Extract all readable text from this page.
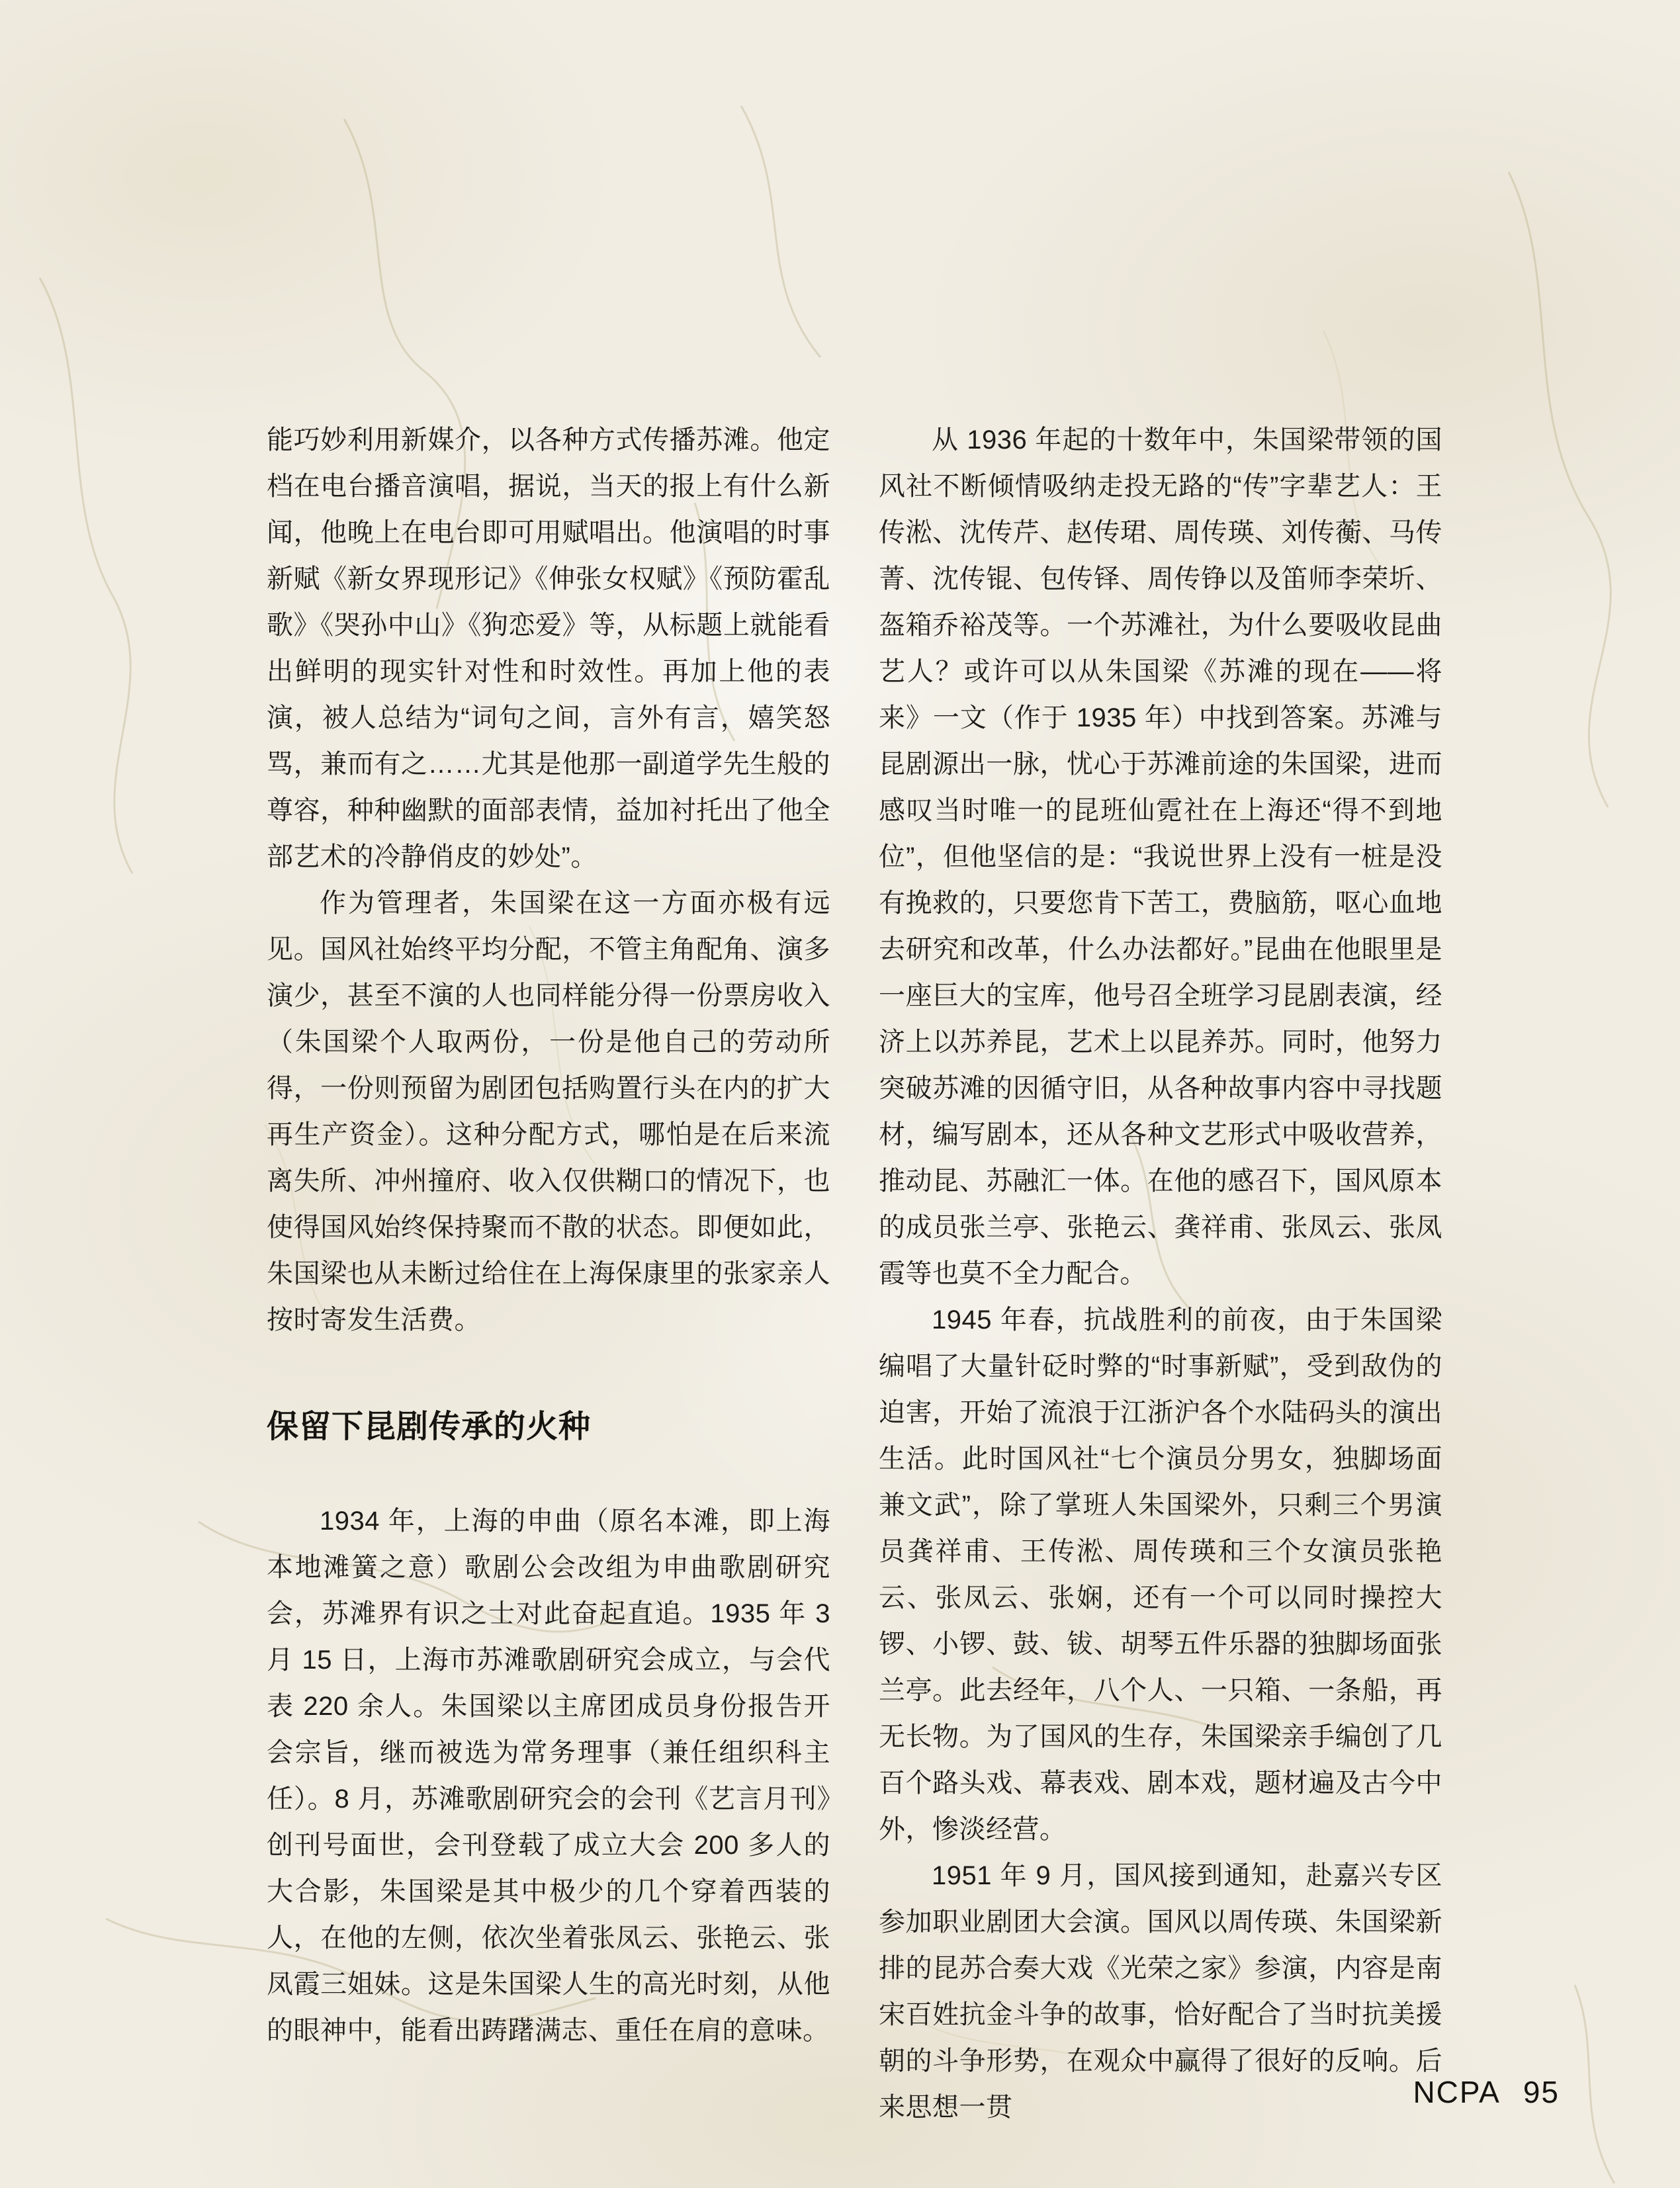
能巧妙利用新媒介，以各种方式传播苏滩。他定档在电台播音演唱，据说，当天的报上有什么新闻，他晚上在电台即可用赋唱出。他演唱的时事新赋《新女界现形记》《伸张女权赋》《预防霍乱歌》《哭孙中山》《狗恋爱》等，从标题上就能看出鲜明的现实针对性和时效性。再加上他的表演，被人总结为“词句之间，言外有言，嬉笑怒骂，兼而有之……尤其是他那一副道学先生般的尊容，种种幽默的面部表情，益加衬托出了他全部艺术的冷静俏皮的妙处”。

作为管理者，朱国梁在这一方面亦极有远见。国风社始终平均分配，不管主角配角、演多演少，甚至不演的人也同样能分得一份票房收入（朱国梁个人取两份，一份是他自己的劳动所得，一份则预留为剧团包括购置行头在内的扩大再生产资金）。这种分配方式，哪怕是在后来流离失所、冲州撞府、收入仅供糊口的情况下，也使得国风始终保持聚而不散的状态。即便如此，朱国梁也从未断过给住在上海保康里的张家亲人按时寄发生活费。

保留下昆剧传承的火种

1934 年，上海的申曲（原名本滩，即上海本地滩簧之意）歌剧公会改组为申曲歌剧研究会，苏滩界有识之士对此奋起直追。1935 年 3 月 15 日，上海市苏滩歌剧研究会成立，与会代表 220 余人。朱国梁以主席团成员身份报告开会宗旨，继而被选为常务理事（兼任组织科主任）。8 月，苏滩歌剧研究会的会刊《艺言月刊》创刊号面世，会刊登载了成立大会 200 多人的大合影，朱国梁是其中极少的几个穿着西装的人，在他的左侧，依次坐着张凤云、张艳云、张凤霞三姐妹。这是朱国梁人生的高光时刻，从他的眼神中，能看出踌躇满志、重任在肩的意味。

从 1936 年起的十数年中，朱国梁带领的国风社不断倾情吸纳走投无路的“传”字辈艺人：王传淞、沈传芹、赵传珺、周传瑛、刘传蘅、马传菁、沈传锟、包传铎、周传铮以及笛师李荣圻、盔箱乔裕茂等。一个苏滩社，为什么要吸收昆曲艺人？或许可以从朱国梁《苏滩的现在——将来》一文（作于 1935 年）中找到答案。苏滩与昆剧源出一脉，忧心于苏滩前途的朱国梁，进而感叹当时唯一的昆班仙霓社在上海还“得不到地位”，但他坚信的是：“我说世界上没有一桩是没有挽救的，只要您肯下苦工，费脑筋，呕心血地去研究和改革，什么办法都好。”昆曲在他眼里是一座巨大的宝库，他号召全班学习昆剧表演，经济上以苏养昆，艺术上以昆养苏。同时，他努力突破苏滩的因循守旧，从各种故事内容中寻找题材，编写剧本，还从各种文艺形式中吸收营养，推动昆、苏融汇一体。在他的感召下，国风原本的成员张兰亭、张艳云、龚祥甫、张凤云、张凤霞等也莫不全力配合。

1945 年春，抗战胜利的前夜，由于朱国梁编唱了大量针砭时弊的“时事新赋”，受到敌伪的迫害，开始了流浪于江浙沪各个水陆码头的演出生活。此时国风社“七个演员分男女，独脚场面兼文武”，除了掌班人朱国梁外，只剩三个男演员龚祥甫、王传淞、周传瑛和三个女演员张艳云、张凤云、张娴，还有一个可以同时操控大锣、小锣、鼓、钹、胡琴五件乐器的独脚场面张兰亭。此去经年，八个人、一只箱、一条船，再无长物。为了国风的生存，朱国梁亲手编创了几百个路头戏、幕表戏、剧本戏，题材遍及古今中外，惨淡经营。

1951 年 9 月，国风接到通知，赴嘉兴专区参加职业剧团大会演。国风以周传瑛、朱国梁新排的昆苏合奏大戏《光荣之家》参演，内容是南宋百姓抗金斗争的故事，恰好配合了当时抗美援朝的斗争形势，在观众中赢得了很好的反响。后来思想一贯	NCPA 95
